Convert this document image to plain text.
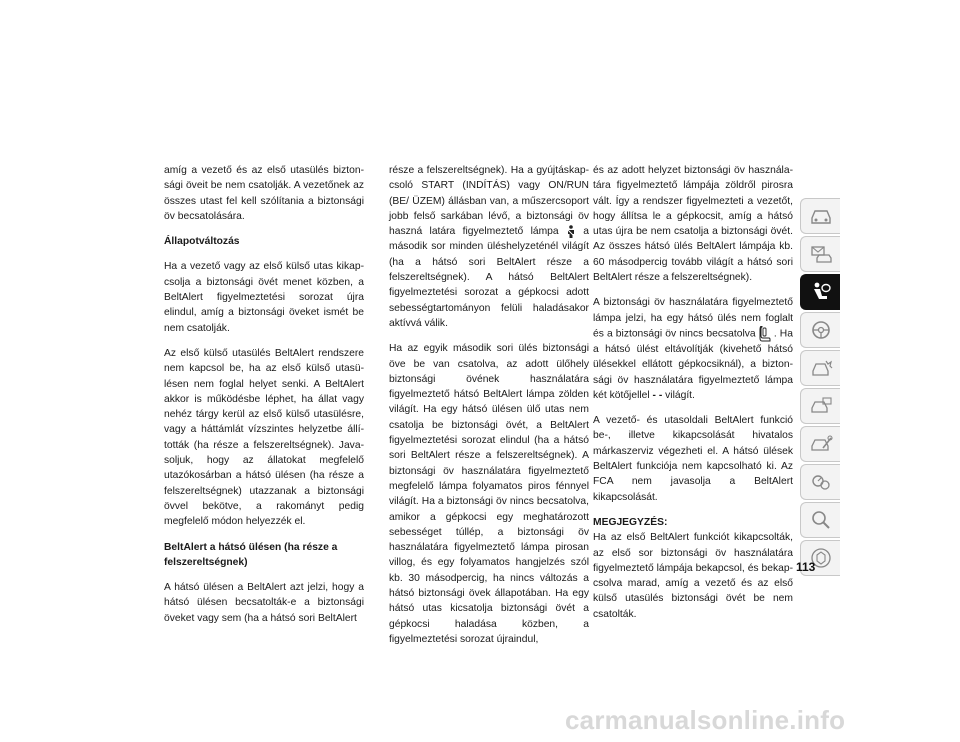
amíg a vezető és az első utasülés biztonsági öveit be nem csatolják. A vezetőnek az összes utast fel kell szólítania a biztonsági öv becsatolására.

Állapotváltozás

Ha a vezető vagy az első külső utas kikapcsolja a biztonsági övét menet közben, a BeltAlert figyelmeztetési sorozat újra elindul, amíg a biztonsági öveket ismét be nem csatolják.

Az első külső utasülés BeltAlert rendszere nem kapcsol be, ha az első külső utasülésen nem foglal helyet senki. A BeltAlert akkor is működésbe léphet, ha állat vagy nehéz tárgy kerül az első külső utasülésre, vagy a háttámlát vízszintes helyzetbe állították (ha része a felszereltségnek). Javasoljuk, hogy az állatokat megfelelő utazókosárban a hátsó ülésen (ha része a felszereltségnek) utazzanak a biztonsági övvel bekötve, a rakományt pedig megfelelő módon helyezzék el.

BeltAlert a hátsó ülésen (ha része a felszereltségnek)

A hátsó ülésen a BeltAlert azt jelzi, hogy a hátsó ülésen becsatolták-e a biztonsági öveket vagy sem (ha a hátsó sori BeltAlert

része a felszereltségnek). Ha a gyújtáskapcsoló START (INDÍTÁS) vagy ON/RUN (BE/ ÜZEM) állásban van, a műszercsoport jobb felső sarkában lévő, a biztonsági öv haszná latára figyelmeztető lámpa a második sor minden üléshelyzeténél világít (ha a hátsó sori BeltAlert része a felszereltségnek). A hátsó BeltAlert figyelmeztetési sorozat a gépkocsi adott sebességtartományon felüli haladásakor aktívvá válik.

Ha az egyik második sori ülés biztonsági öve be van csatolva, az adott ülőhely biztonsági övének használatára figyelmeztető hátsó BeltAlert lámpa zölden világít. Ha egy hátsó ülésen ülő utas nem csatolja be biztonsági övét, a BeltAlert figyelmeztetési sorozat elindul (ha a hátsó sori BeltAlert része a felszereltségnek). A biztonsági öv használatára figyelmeztető megfelelő lámpa folyamatos piros fénnyel világít. Ha a biztonsági öv nincs becsatolva, amikor a gépkocsi egy meghatározott sebességet túllép, a biztonsági öv használatára figyelmeztető lámpa pirosan villog, és egy folyamatos hangjelzés szól kb. 30 másodpercig, ha nincs változás a hátsó biztonsági övek állapotában. Ha egy hátsó utas kicsatolja biztonsági övét a gépkocsi haladása közben, a figyelmeztetési sorozat újraindul,

és az adott helyzet biztonsági öv használatára figyelmeztető lámpája zöldről pirosra vált. Így a rendszer figyelmezteti a vezetőt, hogy állítsa le a gépkocsit, amíg a hátsó utas újra be nem csatolja a biztonsági övét. Az összes hátsó ülés BeltAlert lámpája kb. 60 másodpercig tovább világít a hátsó sori BeltAlert része a felszereltségnek).

A biztonsági öv használatára figyelmeztető lámpa jelzi, ha egy hátsó ülés nem foglalt és a biztonsági öv nincs becsatolva . Ha a hátsó ülést eltávolítják (kivehető hátsó ülésekkel ellátott gépkocsiknál), a biztonsági öv használatára figyelmeztető lámpa két kötőjellel - - világít.

A vezető- és utasoldali BeltAlert funkció be-, illetve kikapcsolását hivatalos márkaszerviz végezheti el. A hátsó ülések BeltAlert funkciója nem kapcsolható ki. Az FCA nem javasolja a BeltAlert kikapcsolását.

MEGJEGYZÉS:

Ha az első BeltAlert funkciót kikapcsolták, az első sor biztonsági öv használatára figyelmeztető lámpája bekapcsol, és bekapcsolva marad, amíg a vezető és az első külső utasülés biztonsági övét be nem csatolták.

113
carmanualsonline.info
